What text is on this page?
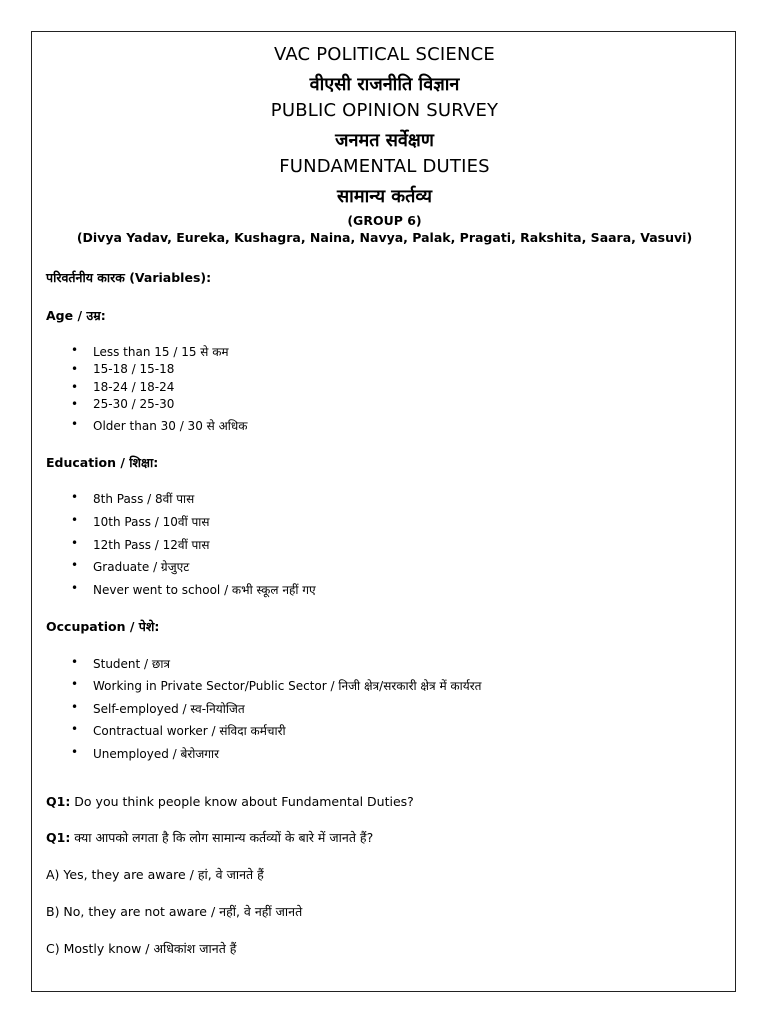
VAC POLITICAL SCIENCE
वीएसी राजनीति विज्ञान
PUBLIC OPINION SURVEY
जनमत सर्वेक्षण
FUNDAMENTAL DUTIES
सामान्य कर्तव्य
(GROUP 6)
(Divya Yadav, Eureka, Kushagra, Naina, Navya, Palak, Pragati, Rakshita, Saara, Vasuvi)
परिवर्तनीय कारक (Variables):
Age / उम्र:
• Less than 15 / 15 से कम
• 15-18 / 15-18
• 18-24 / 18-24
• 25-30 / 25-30
• Older than 30 / 30 से अधिक
Education / शिक्षा:
• 8th Pass / 8वीं पास
• 10th Pass / 10वीं पास
• 12th Pass / 12वीं पास
• Graduate / ग्रेजुएट
• Never went to school / कभी स्कूल नहीं गए
Occupation / पेशे:
• Student / छात्र
• Working in Private Sector/Public Sector / निजी क्षेत्र/सरकारी क्षेत्र में कार्यरत
• Self-employed / स्व-नियोजित
• Contractual worker / संविदा कर्मचारी
• Unemployed / बेरोजगार
Q1: Do you think people know about Fundamental Duties?
Q1: क्या आपको लगता है कि लोग सामान्य कर्तव्यों के बारे में जानते हैं?
A) Yes, they are aware / हां, वे जानते हैं
B) No, they are not aware / नहीं, वे नहीं जानते
C) Mostly know / अधिकांश जानते हैं
